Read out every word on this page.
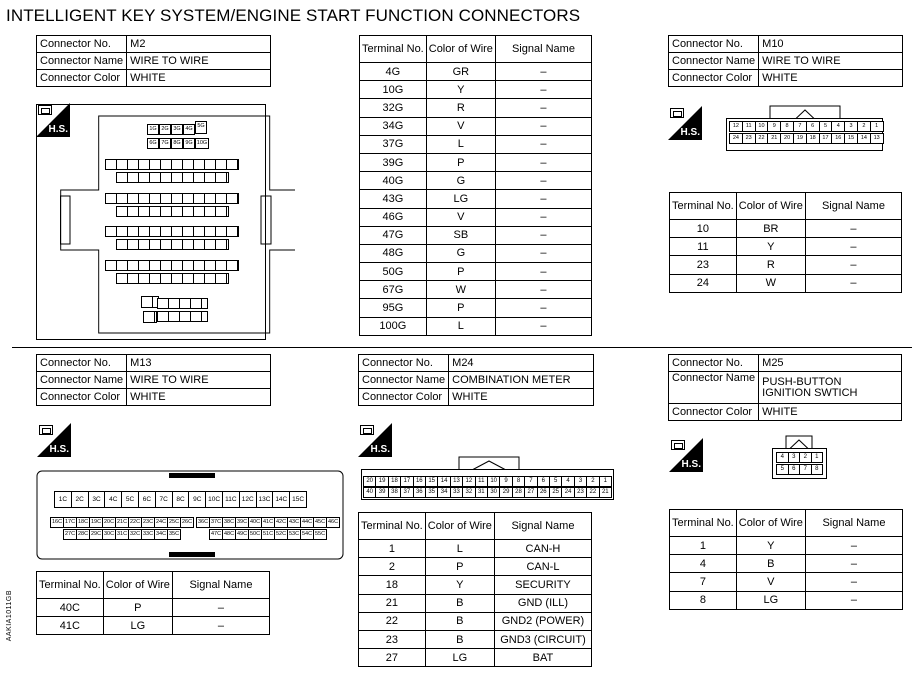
INTELLIGENT KEY SYSTEM/ENGINE START FUNCTION CONNECTORS
AAKIA1011GB
Connector No.	M2
Connector Name	WIRE TO WIRE
Connector Color	WHITE
H.S.	1G 2G 3G 4G 5G
6G 7G 8G 9G 10G
Terminal No.	Color of Wire	Signal Name
4G	GR	–
10G	Y	–
32G	R	–
34G	V	–
37G	L	–
39G	P	–
40G	G	–
43G	LG	–
46G	V	–
47G	SB	–
48G	G	–
50G	P	–
67G	W	–
95G	P	–
100G	L	–
Connector No.	M10
Connector Name	WIRE TO WIRE
Connector Color	WHITE
H.S.
12	11	10	9	8	7	6	5	4	3	2	1
24	23	22	21	20	19	18	17	16	15	14	13
Terminal No.	Color of Wire	Signal Name
10	BR	–
11	Y	–
23	R	–
24	W	–
Connector No.	M13
Connector Name	WIRE TO WIRE
Connector Color	WHITE
H.S.
1C	2C	3C	4C	5C	6C	7C	8C	9C	10C 11C 12C 13C 14C 15C
16C 17C 18C 19C 20C 21C 22C 23C 24C 25C 26C	36C 37C 38C 39C 40C 41C 42C 43C 44C 45C 46C
27C 28C 29C 30C 31C 32C 33C 34C 35C	47C 48C 49C 50C 51C 52C 53C 54C 55C
Terminal No.	Color of Wire	Signal Name
40C	P	–
41C	LG	–
Connector No.	M24
Connector Name	COMBINATION METER
Connector Color	WHITE
H.S.
20 19 18 17 16 15 14 13 12 11 10	9	8	7	6	5	4	3	2	1
40 39 38 37 36 35 34 33 32 31 30 29 28 27 26 25 24 23 22 21
Terminal No.	Color of Wire	Signal Name
1	L	CAN-H
2	P	CAN-L
18	Y	SECURITY
21	B	GND (ILL)
22	B	GND2 (POWER)
23	B	GND3 (CIRCUIT)
27	LG	BAT
Connector No.	M25
Connector Name	PUSH-BUTTON
IGNITION SWTICH
Connector Color	WHITE
H.S.
4	3	2	1
5	6	7	8
Terminal No.	Color of Wire	Signal Name
1	Y	–
4	B	–
7	V	–
8	LG	–
